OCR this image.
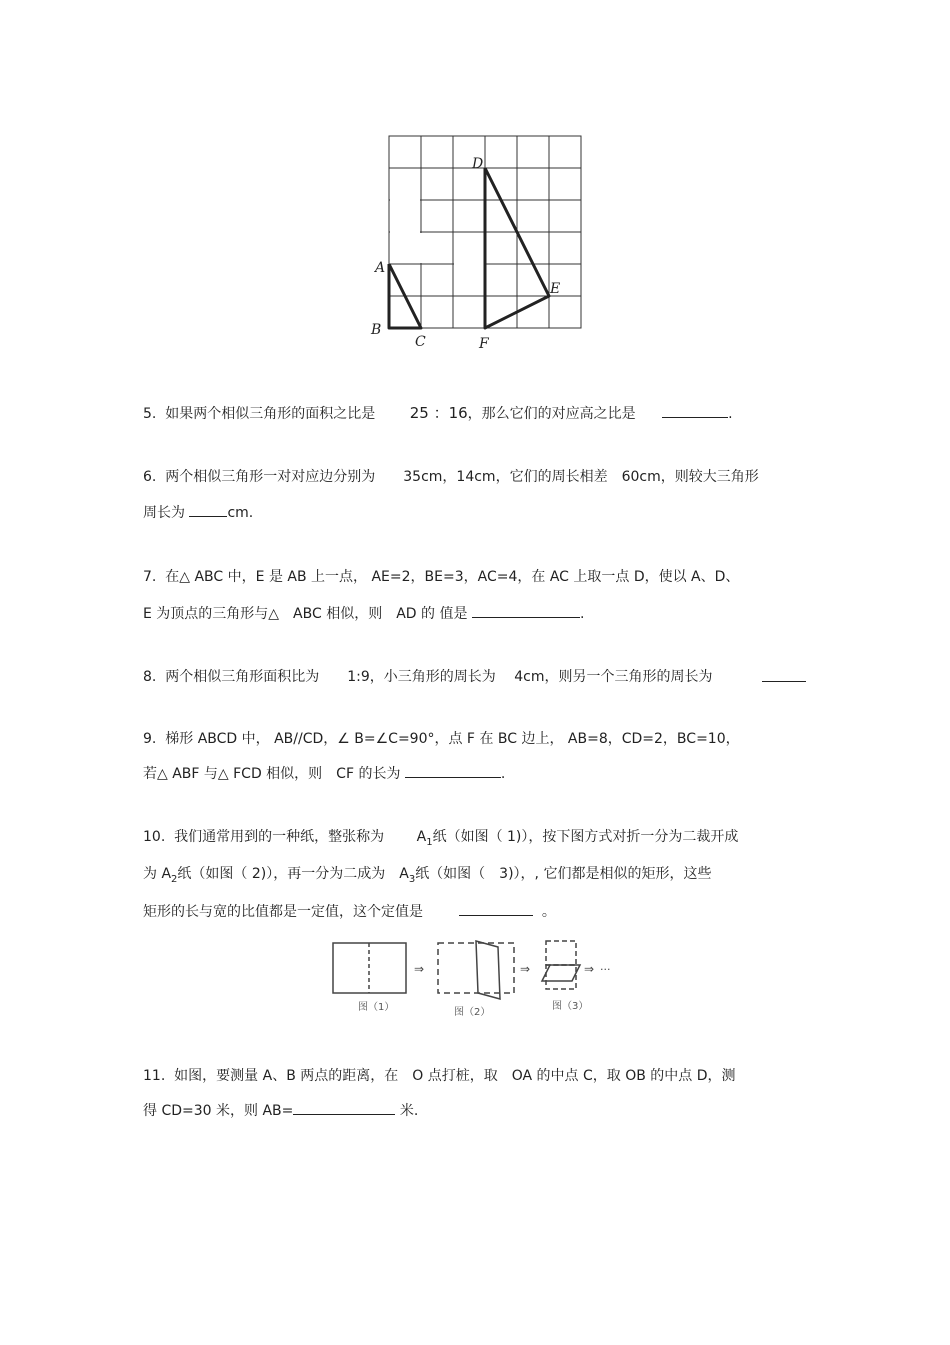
A
B
C
D
E
F
5. 如果两个相似三角形的面积之比是 25 ：16，那么它们的对应高之比是	.
6. 两个相似三角形一对对应边分别为　　35cm，14cm，它们的周长相差　60cm，则较大三角形
周长为	cm.
7. 在△ ABC 中，E 是 AB 上一点， AE=2，BE=3，AC=4，在 AC 上取一点 D，使以 A、D、
E 为顶点的三角形与△　ABC 相似，则　AD 的 值是	.
8. 两个相似三角形面积比为　　1:9，小三角形的周长为　 4cm，则另一个三角形的周长为
9. 梯形 ABCD 中， AB//CD，∠ B=∠C=90°，点 F 在 BC 边上， AB=8，CD=2，BC=10，
若△ ABF 与△ FCD 相似，则　CF 的长为	.
10. 我们通常用到的一种纸，整张称为　　 $A_1$纸（如图（ 1)），按下图方式对折一分为二裁开成
为 $A_2$纸（如图（ 2)），再一分为二成为　$A_3$纸（如图（　3)），, 它们都是相似的矩形，这些
矩形的长与宽的比值都是一定值，这个定值是	。
⇒	⇒	⇒ ···
图（1）	图（2）
图（3）
11. 如图，要测量 A、B 两点的距离，在　O 点打桩，取　OA 的中点 C，取 OB 的中点 D，测
得 CD=30 米，则 AB=	米.
